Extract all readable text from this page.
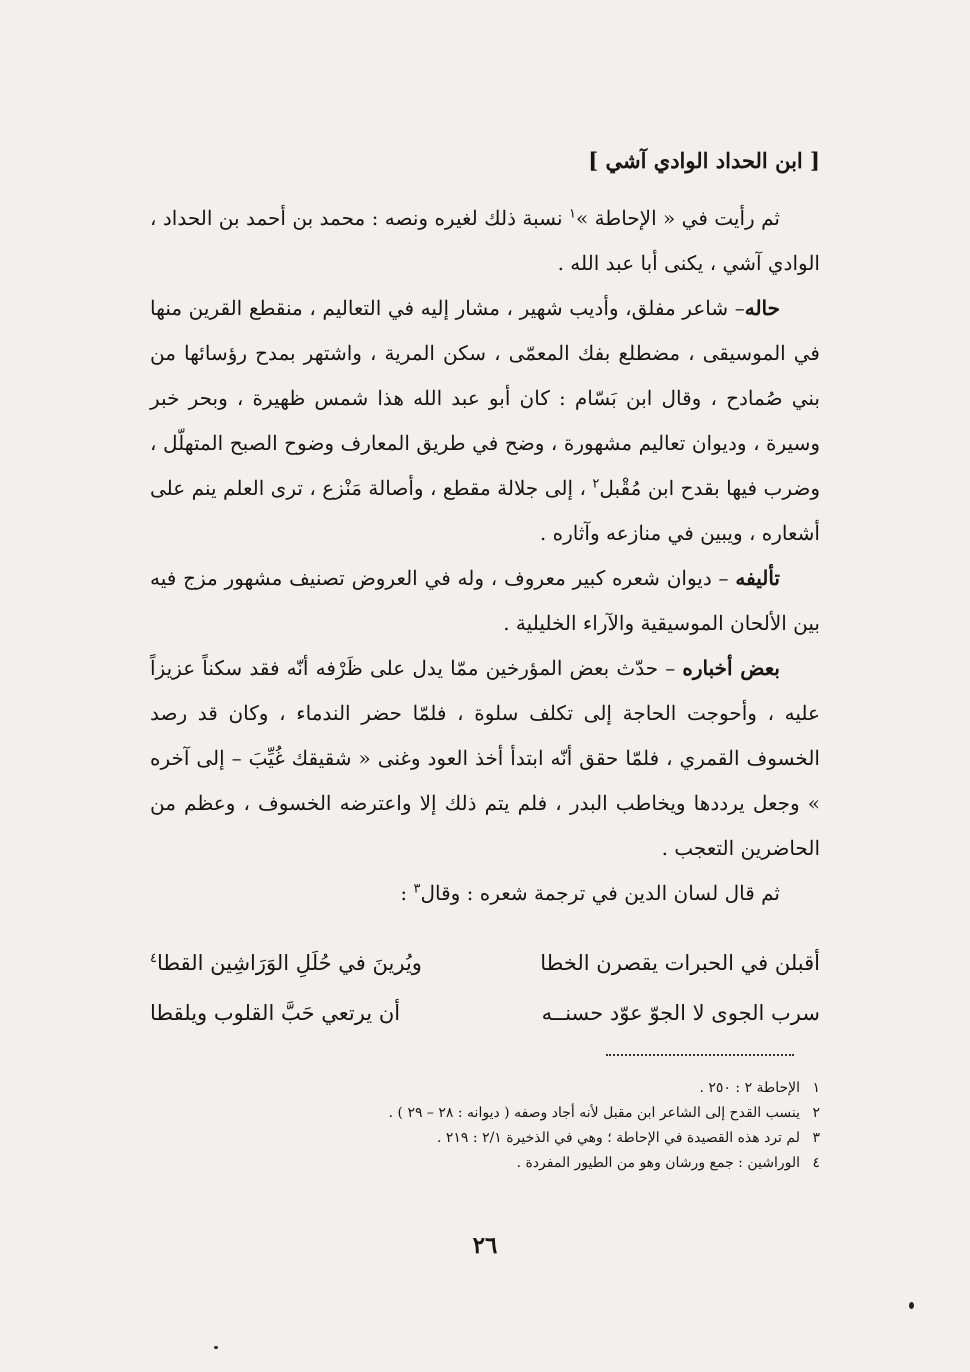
[ ابن الحداد الوادي آشي ]

ثم رأيت في « الإحاطة »$^١$ نسبة ذلك لغيره ونصه : محمد بن أحمد بن الحداد ، الوادي آشي ، يكنى أبا عبد الله .

حاله– شاعر مفلق، وأديب شهير ، مشار إليه في التعاليم ، منقطع القرين منها في الموسيقى ، مضطلع بفك المعمّى ، سكن المرية ، واشتهر بمدح رؤسائها من بني صُمادح ، وقال ابن بَسّام : كان أبو عبد الله هذا شمس ظهيرة ، وبحر خبر وسيرة ، وديوان تعاليم مشهورة ، وضح في طريق المعارف وضوح الصبح المتهلّل ، وضرب فيها بقدح ابن مُقْبل$^٢$ ، إلى جلالة مقطع ، وأصالة مَنْزع ، ترى العلم ينم على أشعاره ، ويبين في منازعه وآثاره .

تأليفه – ديوان شعره كبير معروف ، وله في العروض تصنيف مشهور مزج فيه بين الألحان الموسيقية والآراء الخليلية .

بعض أخباره – حدّث بعض المؤرخين ممّا يدل على ظَرْفه أنّه فقد سكناً عزيزاً عليه ، وأحوجت الحاجة إلى تكلف سلوة ، فلمّا حضر الندماء ، وكان قد رصد الخسوف القمري ، فلمّا حقق أنّه ابتدأ أخذ العود وغنى « شقيقك غُيِّبَ – إلى آخره » وجعل يرددها ويخاطب البدر ، فلم يتم ذلك إلا واعترضه الخسوف ، وعظم من الحاضرين التعجب .

ثم قال لسان الدين في ترجمة شعره : وقال$^٣$ :

أقبلن في الحبرات يقصرن الخطا
ويُرينَ في حُلَلِ الوَرَاشِين القطا$^٤$
سرب الجوى لا الجوّ عوّد حسنــه
أن يرتعي حَبَّ القلوب ويلقطا
١الإحاطة ٢ : ٢٥٠ .
٢ينسب القدح إلى الشاعر ابن مقبل لأنه أجاد وصفه ( ديوانه : ٢٨ – ٢٩ ) .
٣لم ترد هذه القصيدة في الإحاطة ؛ وهي في الذخيرة ٢/١ : ٢١٩ .
٤الوراشين : جمع ورشان وهو من الطيور المفردة .
٢٦
